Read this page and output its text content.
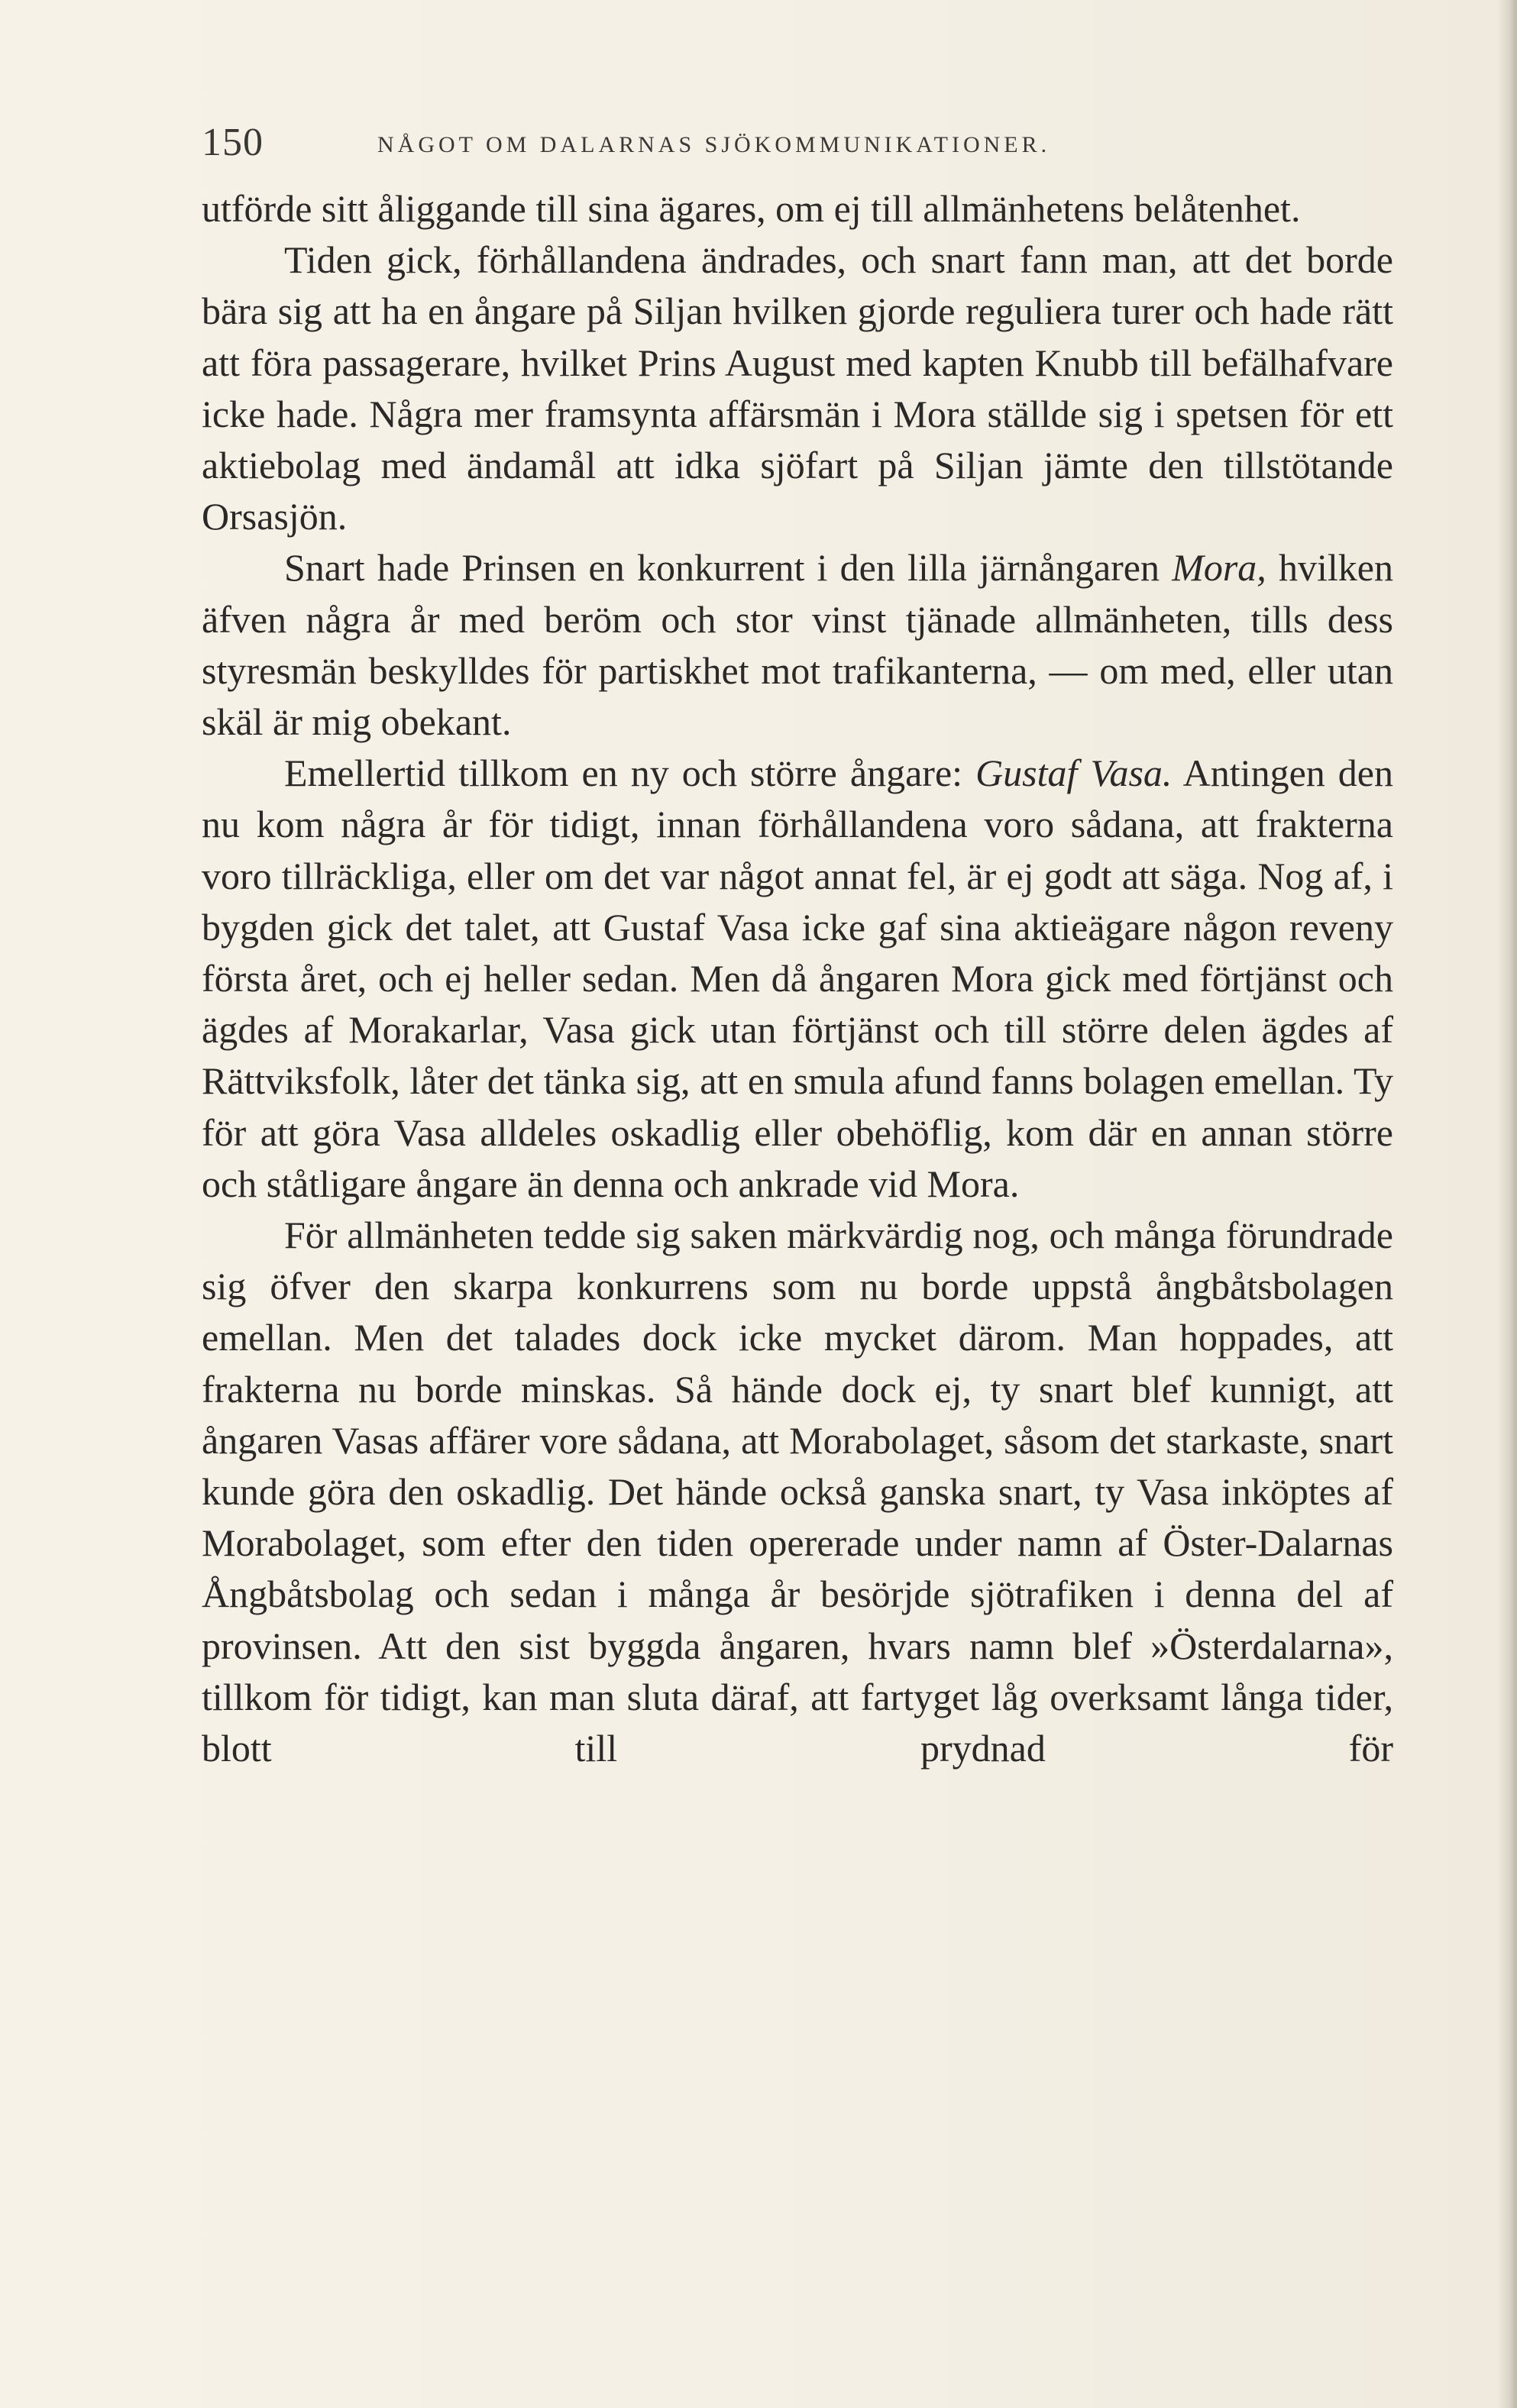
150	NÅGOT OM DALARNAS SJÖKOMMUNIKATIONER.

utförde sitt åliggande till sina ägares, om ej till allmänhetens belåtenhet.

Tiden gick, förhållandena ändrades, och snart fann man, att det borde bära sig att ha en ångare på Siljan hvilken gjorde reguliera turer och hade rätt att föra passagerare, hvilket Prins August med kapten Knubb till befälhafvare icke hade. Några mer framsynta affärsmän i Mora ställde sig i spetsen för ett aktiebolag med ändamål att idka sjöfart på Siljan jämte den tillstötande Orsasjön.

Snart hade Prinsen en konkurrent i den lilla järnångaren Mora, hvilken äfven några år med beröm och stor vinst tjänade allmänheten, tills dess styresmän beskylldes för partiskhet mot trafikanterna, — om med, eller utan skäl är mig obekant.

Emellertid tillkom en ny och större ångare: Gustaf Vasa. Antingen den nu kom några år för tidigt, innan förhållandena voro sådana, att frakterna voro tillräckliga, eller om det var något annat fel, är ej godt att säga. Nog af, i bygden gick det talet, att Gustaf Vasa icke gaf sina aktieägare någon reveny första året, och ej heller sedan. Men då ångaren Mora gick med förtjänst och ägdes af Morakarlar, Vasa gick utan förtjänst och till större delen ägdes af Rättviksfolk, låter det tänka sig, att en smula afund fanns bolagen emellan. Ty för att göra Vasa alldeles oskadlig eller obehöflig, kom där en annan större och ståtligare ångare än denna och ankrade vid Mora.

För allmänheten tedde sig saken märkvärdig nog, och många förundrade sig öfver den skarpa konkurrens som nu borde uppstå ångbåtsbolagen emellan. Men det talades dock icke mycket därom. Man hoppades, att frakterna nu borde minskas. Så hände dock ej, ty snart blef kunnigt, att ångaren Vasas affärer vore sådana, att Morabolaget, såsom det starkaste, snart kunde göra den oskadlig. Det hände också ganska snart, ty Vasa inköptes af Morabolaget, som efter den tiden opererade under namn af Öster-Dalarnas Ångbåtsbolag och sedan i många år besörjde sjötrafiken i denna del af provinsen. Att den sist byggda ångaren, hvars namn blef »Österdalarna», tillkom för tidigt, kan man sluta däraf, att fartyget låg overksamt långa tider, blott till prydnad för
